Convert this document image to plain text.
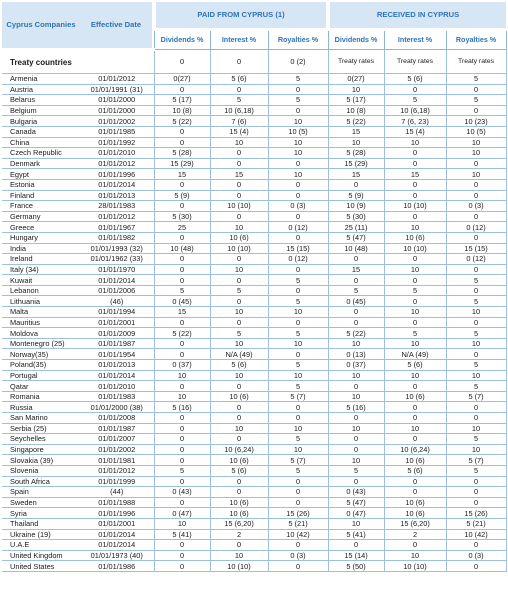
Cyprus Companies	Effective Date	PAID FROM CYPRUS (1)			RECEIVED IN CYPRUS		
		Dividends %	Interest %	Royalties %	Dividends %	Interest %	Royalties %
Treaty countries		0	0	0 (2)	Treaty rates	Treaty rates	Treaty rates
Armenia	01/01/2012	0(27)	5 (6)	5	0(27)	5 (6)	5
Austria	01/01/1991 (31)	0	0	0	10	0	0
Belarus	01/01/2000	5 (17)	5	5	5 (17)	5	5
Belgium	01/01/2000	10 (8)	10 (6,18)	0	10 (8)	10 (6,18)	0
Bulgaria	01/01/2002	5 (22)	7 (6)	10	5 (22)	7 (6, 23)	10 (23)
Canada	01/01/1985	0	15 (4)	10 (5)	15	15 (4)	10 (5)
China	01/01/1992	0	10	10	10	10	10
Czech Republic	01/01/2010	5 (28)	0	10	5 (28)	0	10
Denmark	01/01/2012	15 (29)	0	0	15 (29)	0	0
Egypt	01/01/1996	15	15	10	15	15	10
Estonia	01/01/2014	0	0	0	0	0	0
Finland	01/01/2013	5 (9)	0	0	5 (9)	0	0
France	28/01/1983	0	10 (10)	0 (3)	10 (9)	10 (10)	0 (3)
Germany	01/01/2012	5 (30)	0	0	5 (30)	0	0
Greece	01/01/1967	25	10	0 (12)	25 (11)	10	0 (12)
Hungary	01/01/1982	0	10 (6)	0	5 (47)	10 (6)	0
India	01/01/1993 (32)	10 (48)	10 (10)	15 (15)	10 (48)	10 (10)	15 (15)
Ireland	01/01/1962 (33)	0	0	0 (12)	0	0	0 (12)
Italy (34)	01/01/1970	0	10	0	15	10	0
Kuwait	01/01/2014	0	0	5	0	0	5
Lebanon	01/01/2006	5	5	0	5	5	0
Lithuania	(46)	0 (45)	0	5	0 (45)	0	5
Malta	01/01/1994	15	10	10	0	10	10
Mauritius	01/01/2001	0	0	0	0	0	0
Moldova	01/01/2009	5 (22)	5	5	5 (22)	5	5
Montenegro (25)	01/01/1987	0	10	10	10	10	10
Norway(35)	01/01/1954	0	N/A (49)	0	0 (13)	N/A (49)	0
Poland(35)	01/01/2013	0 (37)	5 (6)	5	0 (37)	5 (6)	5
Portugal	01/01/2014	10	10	10	10	10	10
Qatar	01/01/2010	0	0	5	0	0	5
Romania	01/01/1983	10	10 (6)	5 (7)	10	10 (6)	5 (7)
Russia	01/01/2000 (38)	5 (16)	0	0	5 (16)	0	0
San Marino	01/01/2008	0	0	0	0	0	0
Serbia (25)	01/01/1987	0	10	10	10	10	10
Seychelles	01/01/2007	0	0	5	0	0	5
Singapore	01/01/2002	0	10 (6,24)	10	0	10 (6,24)	10
Slovakia (39)	01/01/1981	0	10 (6)	5 (7)	10	10 (6)	5 (7)
Slovenia	01/01/2012	5	5 (6)	5	5	5 (6)	5
South Africa	01/01/1999	0	0	0	0	0	0
Spain	(44)	0 (43)	0	0	0 (43)	0	0
Sweden	01/01/1988	0	10 (6)	0	5 (47)	10 (6)	0
Syria	01/01/1996	0 (47)	10 (6)	15 (26)	0 (47)	10 (6)	15 (26)
Thailand	01/01/2001	10	15 (6,20)	5 (21)	10	15 (6,20)	5 (21)
Ukraine (19)	01/01/2014	5 (41)	2	10 (42)	5 (41)	2	10 (42)
U.A.E	01/01/2014	0	0	0	0	0	0
United Kingdom	01/01/1973 (40)	0	10	0 (3)	15 (14)	10	0 (3)
United States	01/01/1986	0	10 (10)	0	5 (50)	10 (10)	0
